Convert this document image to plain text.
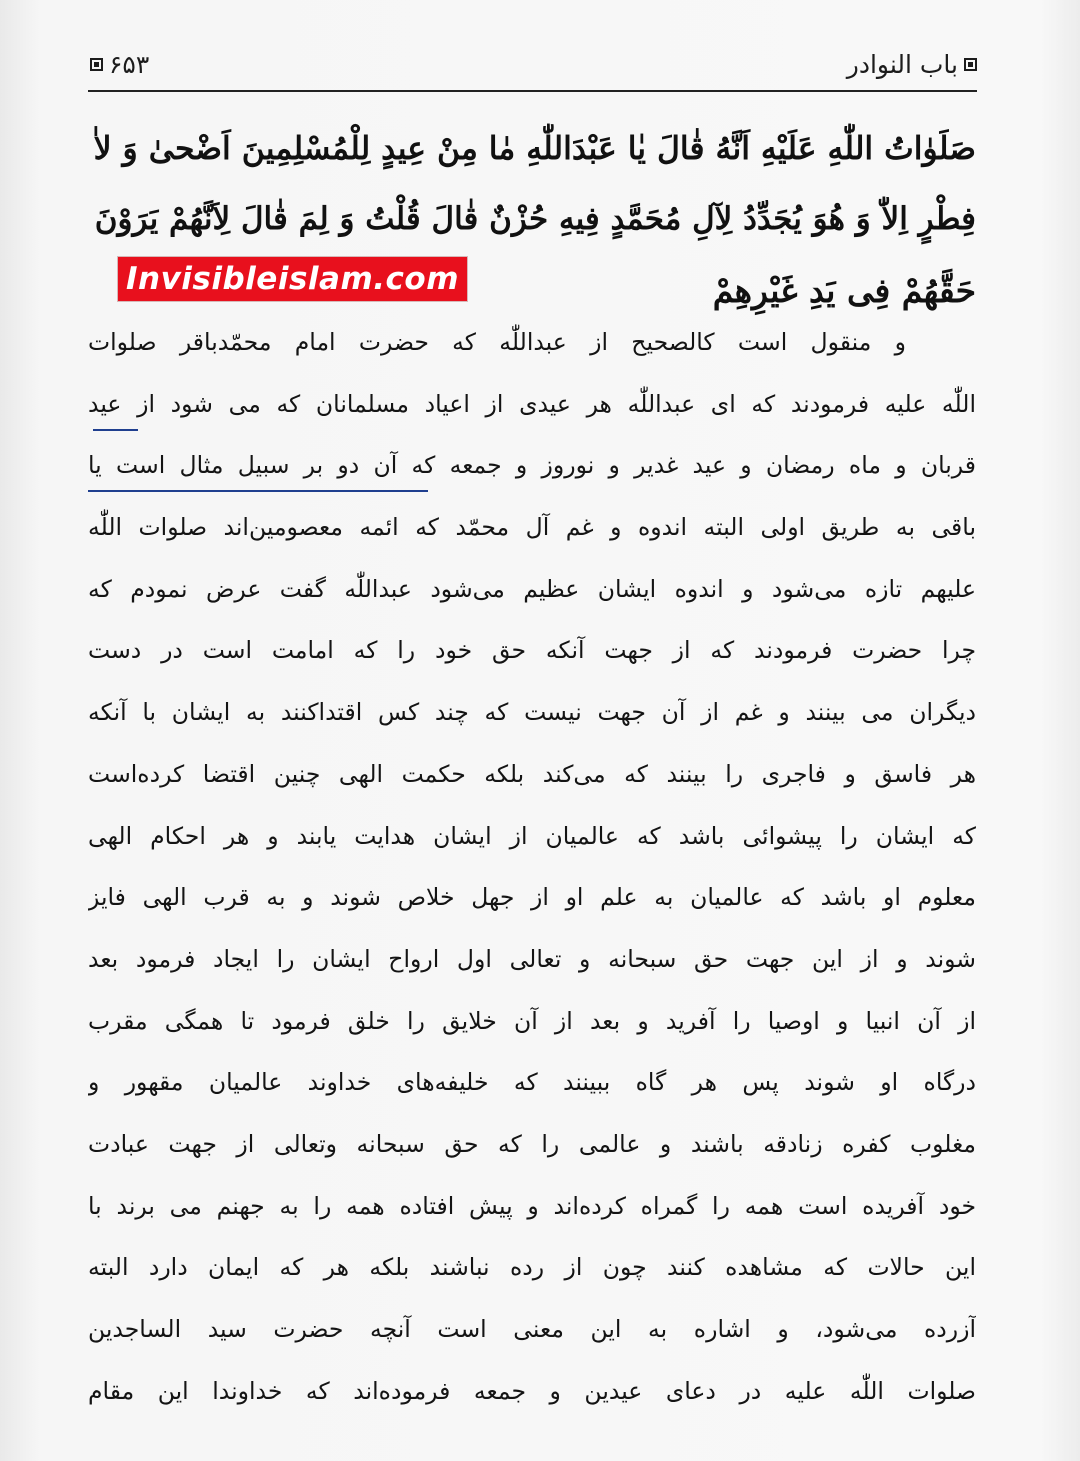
باب النوادر
۶۵۳
صَلَوٰاتُ اللّٰهِ عَلَيْهِ اَنَّهُ قٰالَ يٰا عَبْدَاللّٰهِ مٰا مِنْ عِيدٍ لِلْمُسْلِمِينَ اَضْحىٰ وَ لاٰ
فِطْرٍ اِلاّٰ وَ هُوَ يُجَدِّدُ لِآلِ مُحَمَّدٍ فِيهِ حُزْنٌ قٰالَ قُلْتُ وَ لِمَ قٰالَ لِاَنَّهُمْ يَرَوْنَ
حَقَّهُمْ فِى يَدِ غَيْرِهِمْ
Invisibleislam.com
و منقول است كالصحيح از عبداللّٰه كه حضرت امام محمّدباقر صلوات
اللّٰه عليه فرمودند كه اى عبداللّٰه هر عيدى از اعياد مسلمانان كه مى شود از عيد
قربان و ماه رمضان و عيد غدير و نوروز و جمعه كه آن دو بر سبيل مثال است يا
باقى به طريق اولى البته اندوه و غم آل محمّد كه ائمه معصومين‌اند صلوات اللّٰه
عليهم تازه مى‌شود و اندوه ايشان عظيم مى‌شود عبداللّٰه گفت عرض نمودم كه
چرا حضرت فرمودند كه از جهت آنكه حق خود را كه امامت است در دست
ديگران مى بينند و غم از آن جهت نيست كه چند كس اقتداكنند به ايشان با آنكه
هر فاسق و فاجرى را بينند كه مى‌كند بلكه حكمت الهى چنين اقتضا كرده‌است
كه ايشان را پيشوائى باشد كه عالميان از ايشان هدايت يابند و هر احكام الهى
معلوم او باشد كه عالميان به علم او از جهل خلاص شوند و به قرب الهى فايز
شوند و از اين جهت حق سبحانه و تعالى اول ارواح ايشان را ايجاد فرمود بعد
از آن انبيا و اوصيا را آفريد و بعد از آن خلايق را خلق فرمود تا همگى مقرب
درگاه او شوند پس هر گاه ببينند كه خليفه‌هاى خداوند عالميان مقهور و
مغلوب كفره زنادقه باشند و عالمى را كه حق سبحانه وتعالى از جهت عبادت
خود آفريده است همه را گمراه كرده‌اند و پيش افتاده همه را به جهنم مى برند با
اين حالات كه مشاهده كنند چون از رده نباشند بلكه هر كه ايمان دارد البته
آزرده مى‌شود، و اشاره به اين معنى است آنچه حضرت سيد الساجدين
صلوات اللّٰه عليه در دعاى عيدين و جمعه فرموده‌اند كه خداوندا اين مقام
